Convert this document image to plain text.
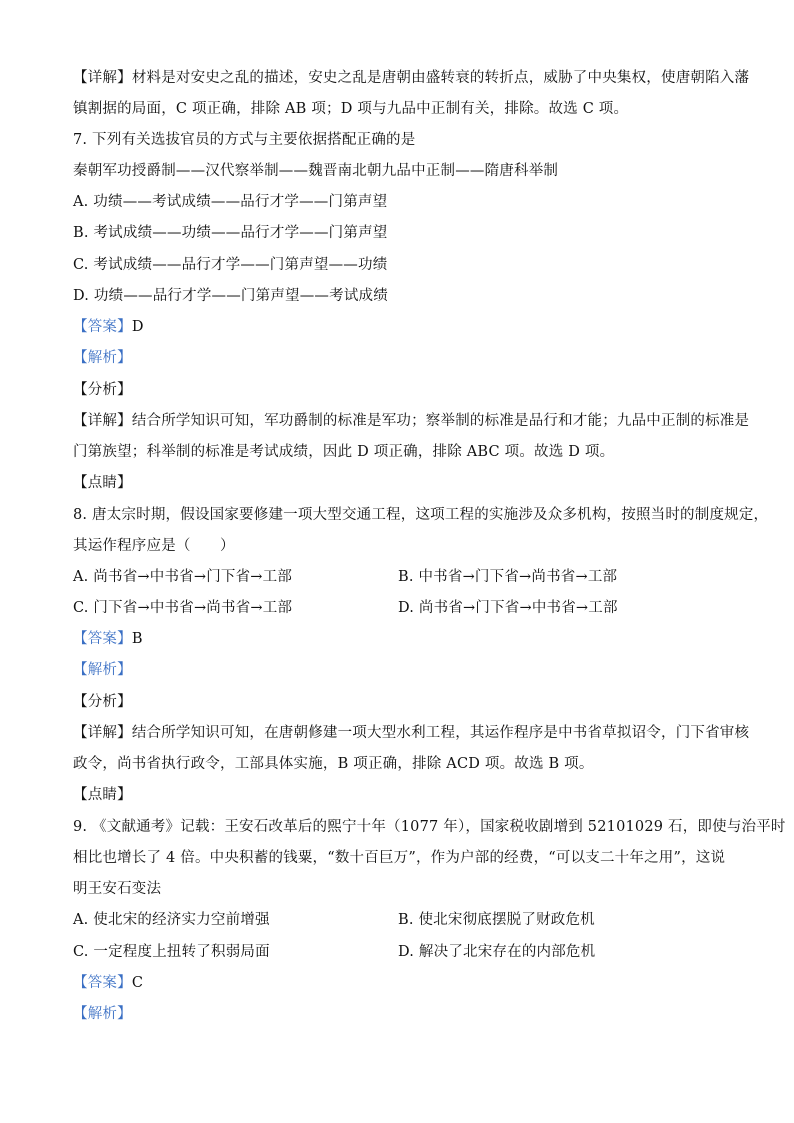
【详解】材料是对安史之乱的描述，安史之乱是唐朝由盛转衰的转折点，威胁了中央集权，使唐朝陷入藩
镇割据的局面，C 项正确，排除 AB 项；D 项与九品中正制有关，排除。故选 C 项。
7. 下列有关选拔官员的方式与主要依据搭配正确的是
秦朝军功授爵制——汉代察举制——魏晋南北朝九品中正制——隋唐科举制
A. 功绩——考试成绩——品行才学——门第声望
B. 考试成绩——功绩——品行才学——门第声望
C. 考试成绩——品行才学——门第声望——功绩
D. 功绩——品行才学——门第声望——考试成绩
【答案】D
【解析】
【分析】
【详解】结合所学知识可知，军功爵制的标准是军功；察举制的标准是品行和才能；九品中正制的标准是
门第族望；科举制的标准是考试成绩，因此 D 项正确，排除 ABC 项。故选 D 项。
【点睛】
8. 唐太宗时期，假设国家要修建一项大型交通工程，这项工程的实施涉及众多机构，按照当时的制度规定，
其运作程序应是（　　）
A. 尚书省→中书省→门下省→工部	B. 中书省→门下省→尚书省→工部
C. 门下省→中书省→尚书省→工部	D. 尚书省→门下省→中书省→工部
【答案】B
【解析】
【分析】
【详解】结合所学知识可知，在唐朝修建一项大型水利工程，其运作程序是中书省草拟诏令，门下省审核
政令，尚书省执行政令，工部具体实施，B 项正确，排除 ACD 项。故选 B 项。
【点睛】
9. 《文献通考》记载：王安石改革后的熙宁十年（1077 年），国家税收剧增到 52101029 石，即使与治平时
相比也增长了 4 倍。中央积蓄的钱粟，“数十百巨万”，作为户部的经费，“可以支二十年之用”，这说
明王安石变法
A. 使北宋的经济实力空前增强	B. 使北宋彻底摆脱了财政危机
C. 一定程度上扭转了积弱局面	D. 解决了北宋存在的内部危机
【答案】C
【解析】
